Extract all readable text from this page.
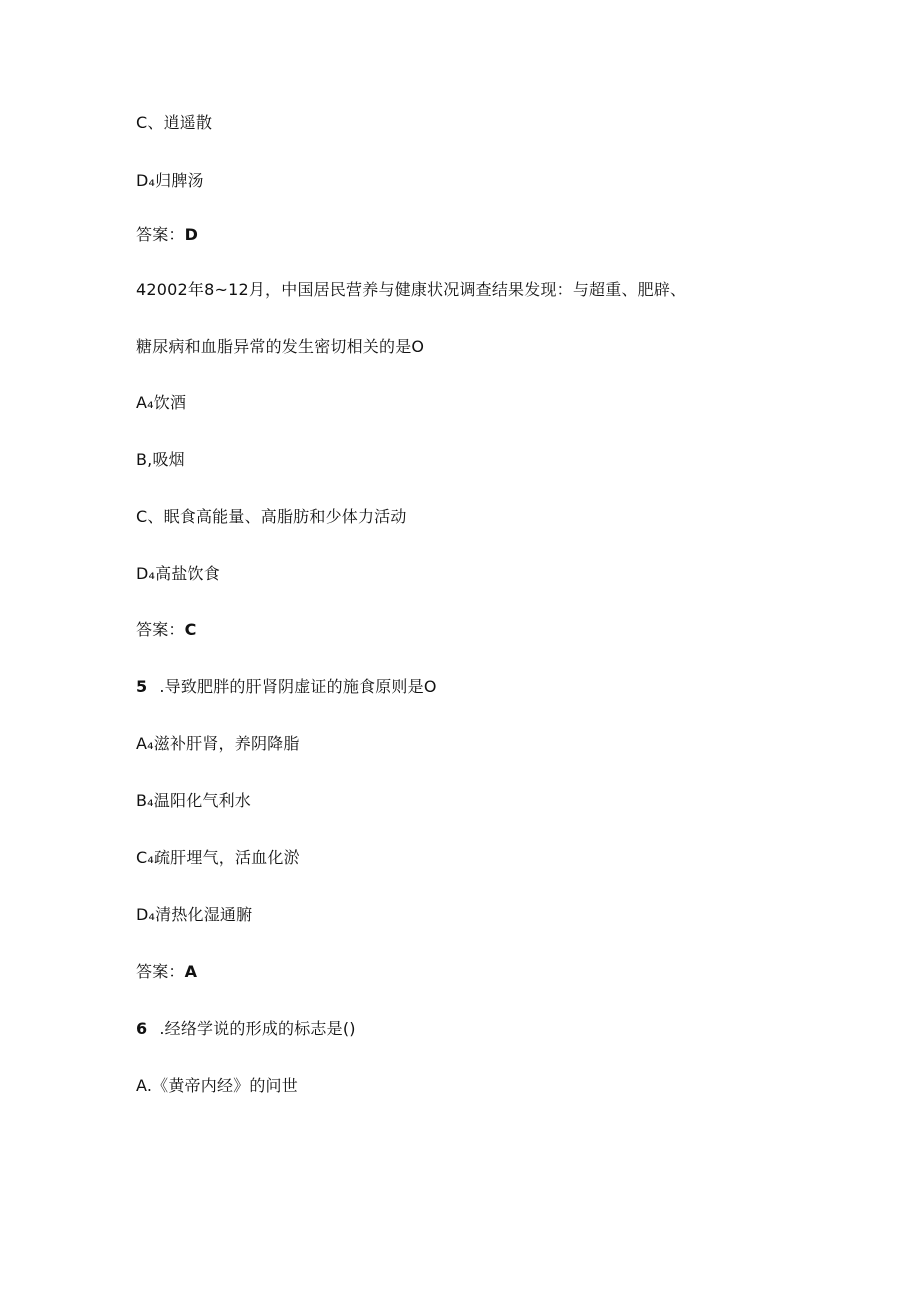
C、逍遥散
D₄归脾汤
答案：D
42002年8~12月，中国居民营养与健康状况调查结果发现：与超重、肥辟、
糖尿病和血脂异常的发生密切相关的是O
A₄饮酒
B,吸烟
C、眠食高能量、高脂肪和少体力活动
D₄高盐饮食
答案：C
5 .导致肥胖的肝肾阴虚证的施食原则是O
A₄滋补肝肾，养阴降脂
B₄温阳化气利水
C₄疏肝埋气，活血化淤
D₄清热化湿通腑
答案：A
6 .经络学说的形成的标志是()
A.《黄帝内经》的问世
